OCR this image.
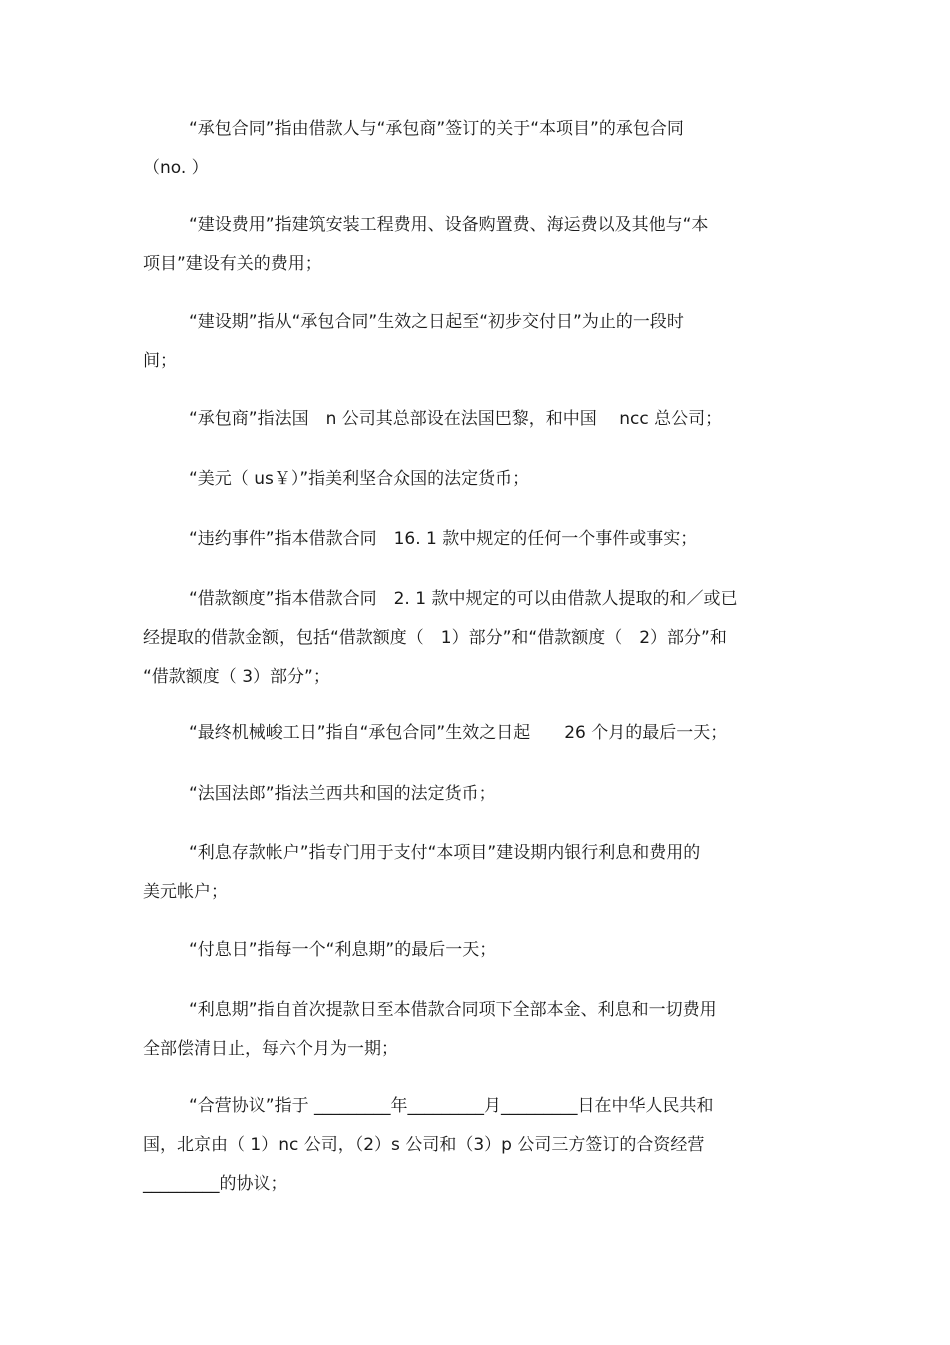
“承包合同”指由借款人与“承包商”签订的关于“本项目”的承包合同
（no. ）
“建设费用”指建筑安装工程费用、设备购置费、海运费以及其他与“本
项目”建设有关的费用；
“建设期”指从“承包合同”生效之日起至“初步交付日”为止的一段时
间；
“承包商”指法国　n 公司其总部设在法国巴黎，和中国　 ncc 总公司；
“美元（ us￥）”指美利坚合众国的法定货币；
“违约事件”指本借款合同　16. 1 款中规定的任何一个事件或事实；
“借款额度”指本借款合同　2. 1 款中规定的可以由借款人提取的和／或已
经提取的借款金额，包括“借款额度（　1）部分”和“借款额度（　2）部分”和
“借款额度（ 3）部分”；
“最终机械峻工日”指自“承包合同”生效之日起　　26 个月的最后一天；
“法国法郎”指法兰西共和国的法定货币；
“利息存款帐户”指专门用于支付“本项目”建设期内银行利息和费用的
美元帐户；
“付息日”指每一个“利息期”的最后一天；
“利息期”指自首次提款日至本借款合同项下全部本金、利息和一切费用
全部偿清日止，每六个月为一期；
“合营协议”指于 _________年_________月_________日在中华人民共和
国，北京由（ 1）nc 公司，（2）s 公司和（3）p 公司三方签订的合资经营
_________的协议；
